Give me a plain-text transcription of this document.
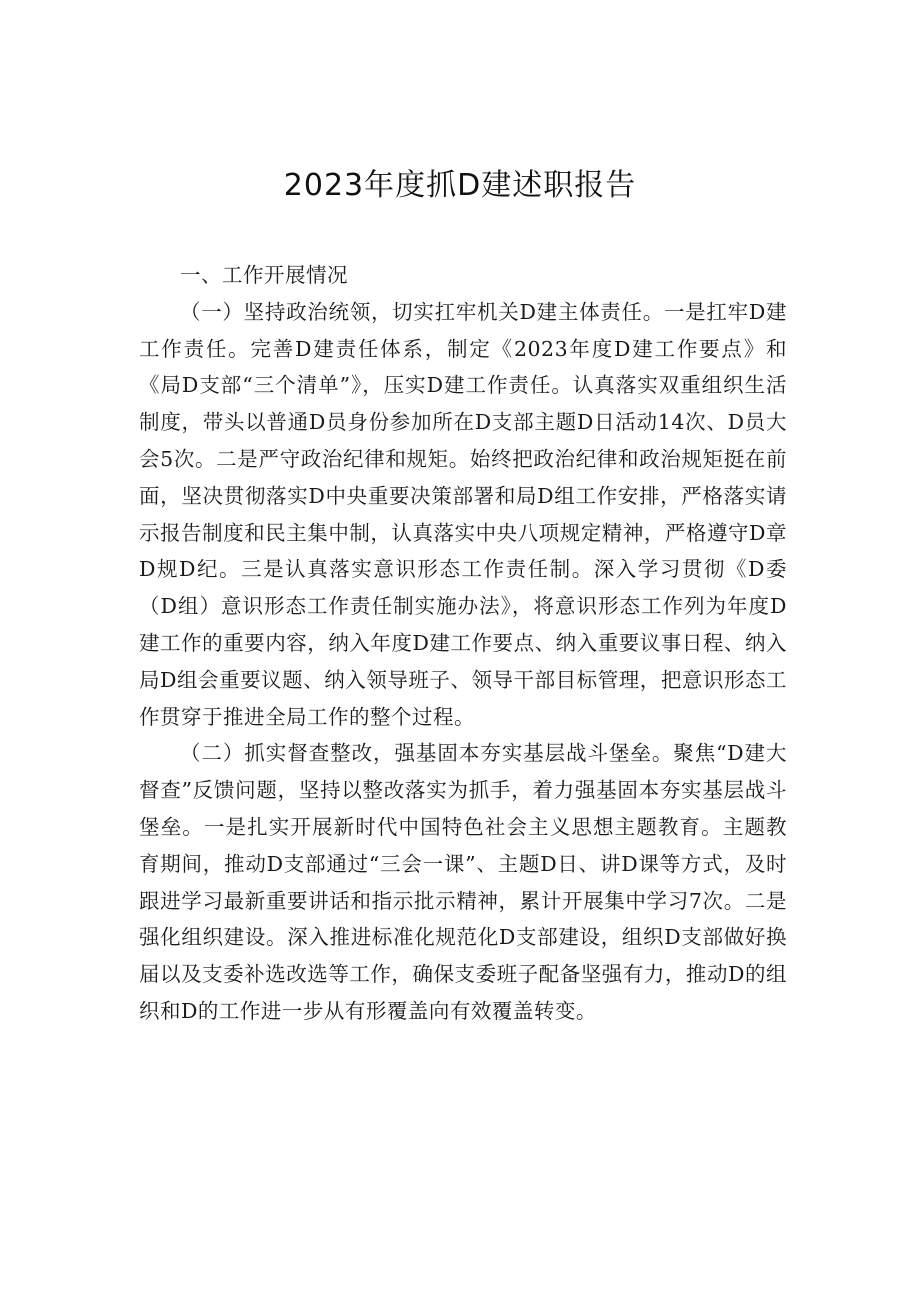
2023年度抓D建述职报告

一、工作开展情况

（一）坚持政治统领，切实扛牢机关D建主体责任。一是扛牢D建工作责任。完善D建责任体系，制定《2023年度D建工作要点》和《局D支部“三个清单”》，压实D建工作责任。认真落实双重组织生活制度，带头以普通D员身份参加所在D支部主题D日活动14次、D员大会5次。二是严守政治纪律和规矩。始终把政治纪律和政治规矩挺在前面，坚决贯彻落实D中央重要决策部署和局D组工作安排，严格落实请示报告制度和民主集中制，认真落实中央八项规定精神，严格遵守D章D规D纪。三是认真落实意识形态工作责任制。深入学习贯彻《D委（D组）意识形态工作责任制实施办法》，将意识形态工作列为年度D建工作的重要内容，纳入年度D建工作要点、纳入重要议事日程、纳入局D组会重要议题、纳入领导班子、领导干部目标管理，把意识形态工作贯穿于推进全局工作的整个过程。

（二）抓实督查整改，强基固本夯实基层战斗堡垒。聚焦“D建大督查”反馈问题，坚持以整改落实为抓手，着力强基固本夯实基层战斗堡垒。一是扎实开展新时代中国特色社会主义思想主题教育。主题教育期间，推动D支部通过“三会一课”、主题D日、讲D课等方式，及时跟进学习最新重要讲话和指示批示精神，累计开展集中学习7次。二是强化组织建设。深入推进标准化规范化D支部建设，组织D支部做好换届以及支委补选改选等工作，确保支委班子配备坚强有力，推动D的组织和D的工作进一步从有形覆盖向有效覆盖转变。
